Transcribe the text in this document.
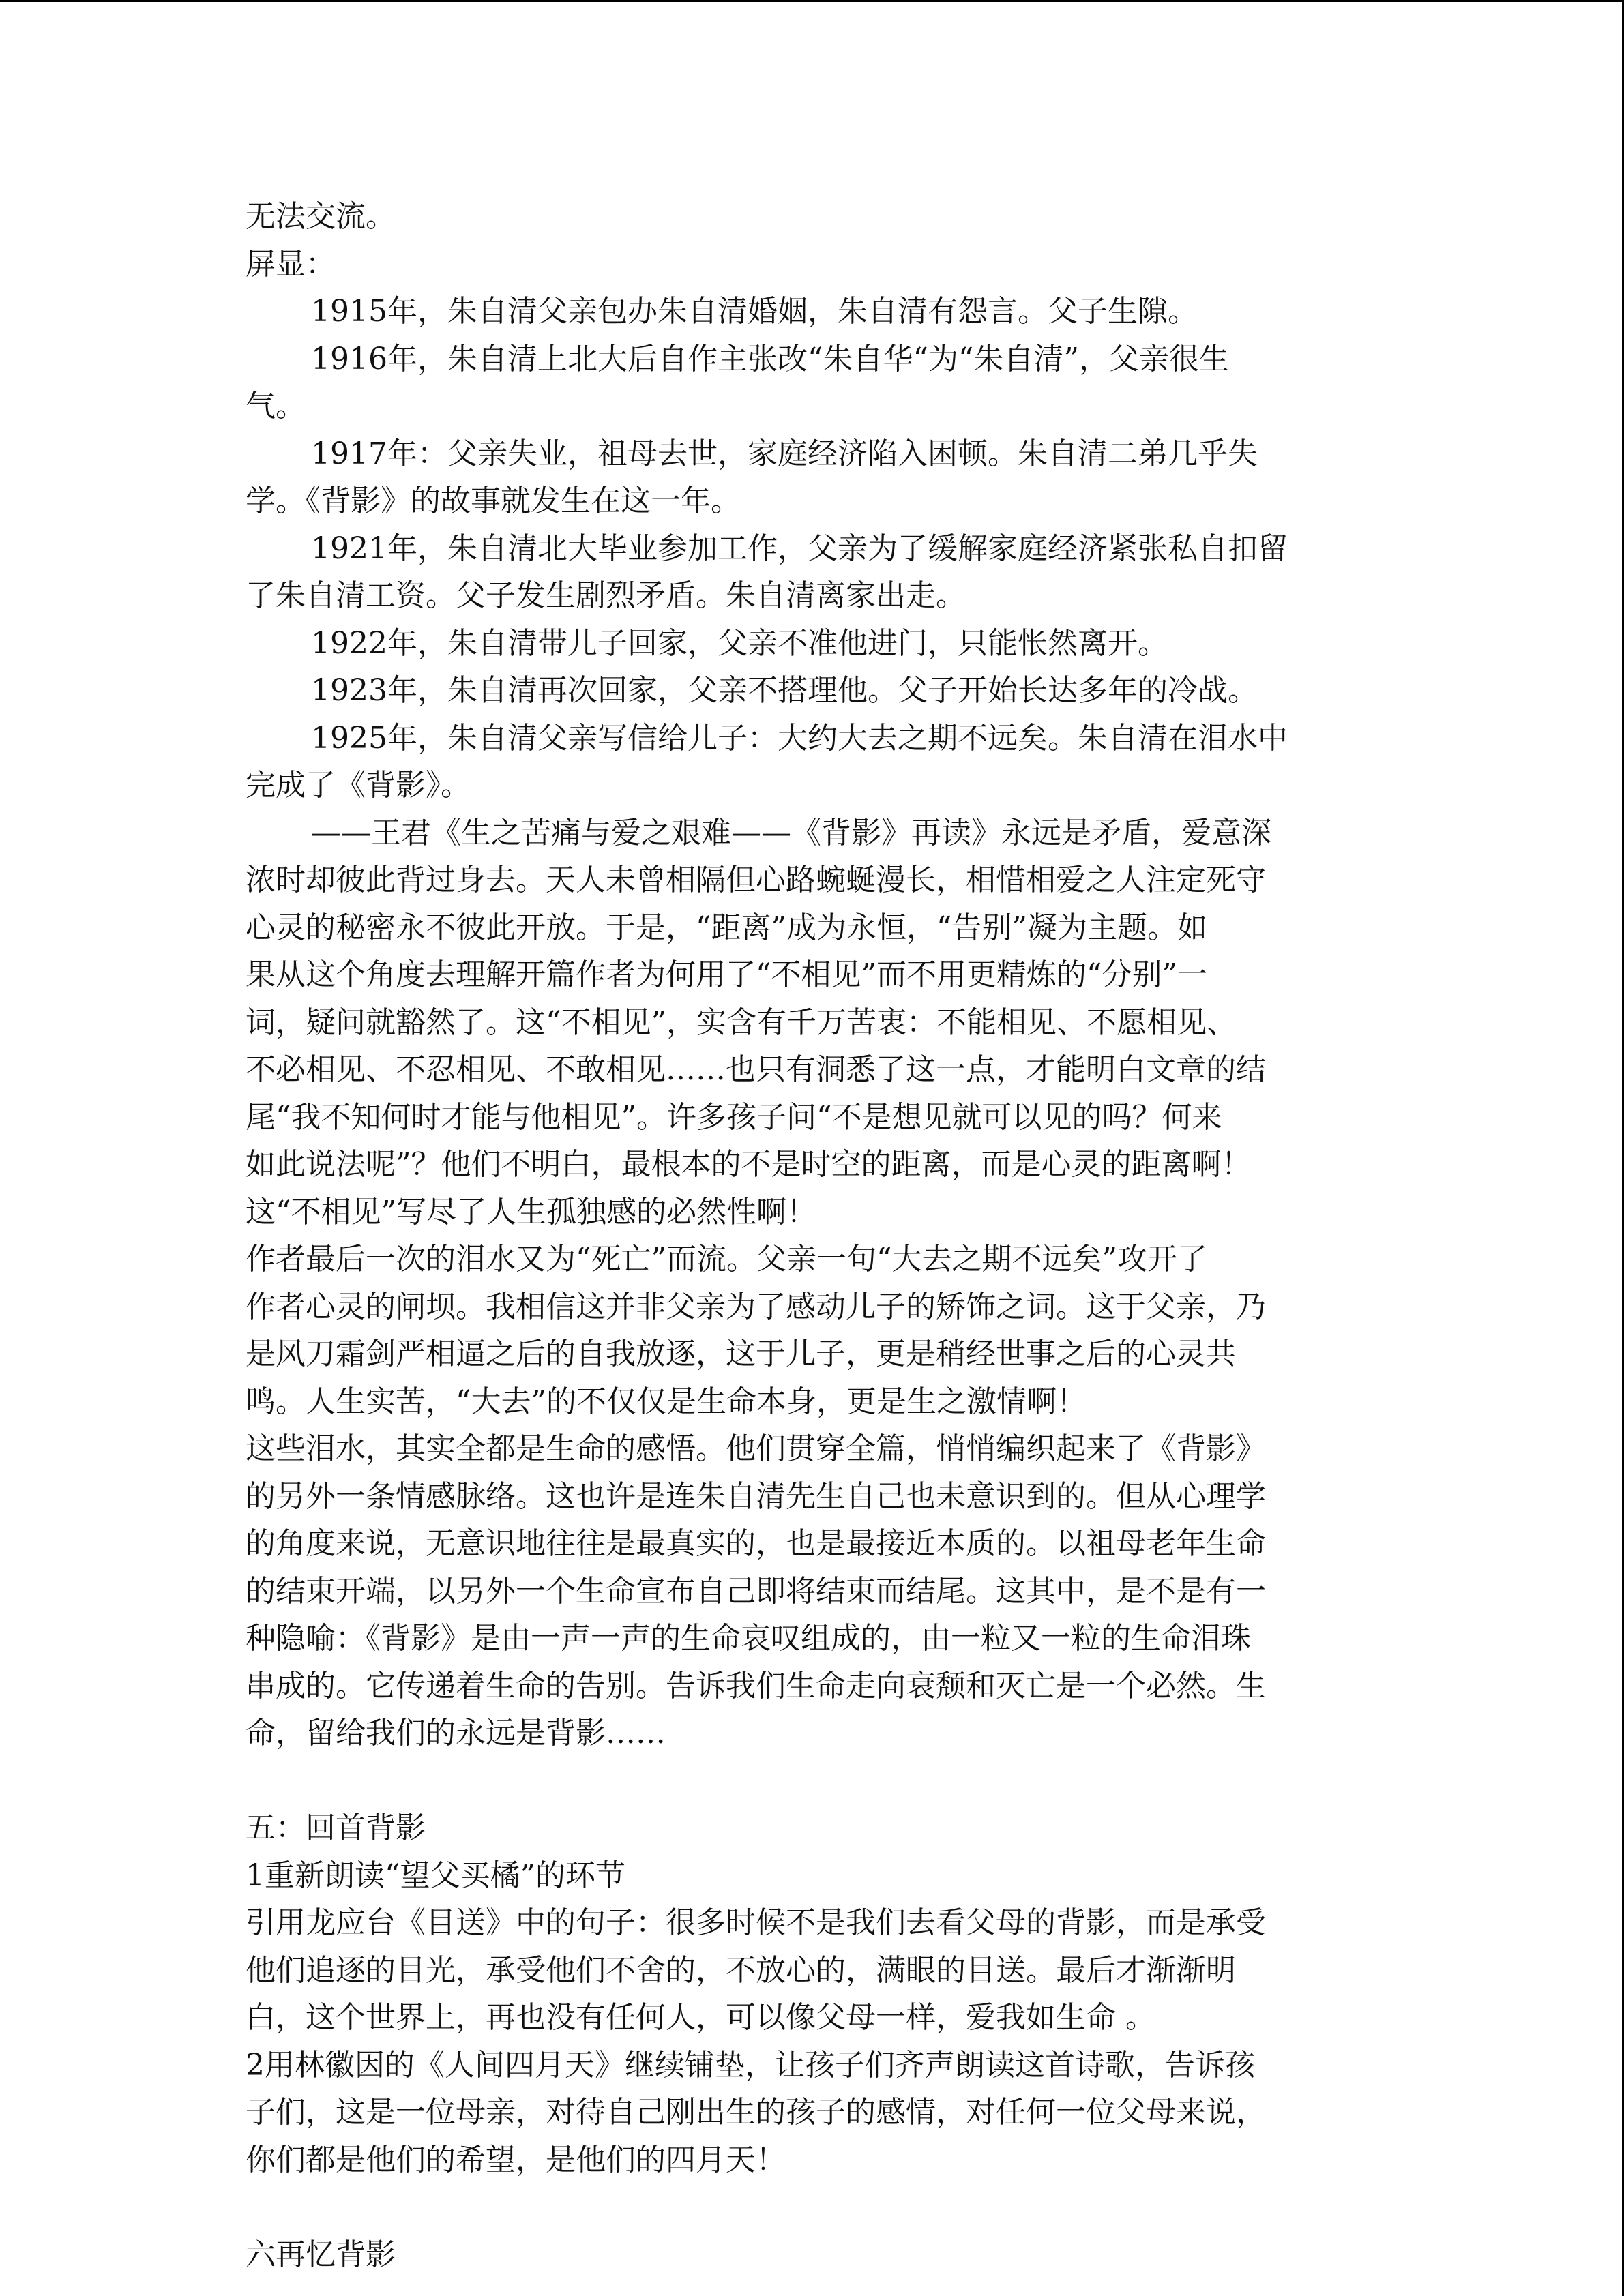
无法交流。
屏显：
1915年，朱自清父亲包办朱自清婚姻，朱自清有怨言。父子生隙。
1916年，朱自清上北大后自作主张改“朱自华“为“朱自清”，父亲很生
气。
1917年：父亲失业，祖母去世，家庭经济陷入困顿。朱自清二弟几乎失
学。《背影》的故事就发生在这一年。
1921年，朱自清北大毕业参加工作，父亲为了缓解家庭经济紧张私自扣留
了朱自清工资。父子发生剧烈矛盾。朱自清离家出走。
1922年，朱自清带儿子回家，父亲不准他进门，只能怅然离开。
1923年，朱自清再次回家，父亲不搭理他。父子开始长达多年的冷战。
1925年，朱自清父亲写信给儿子：大约大去之期不远矣。朱自清在泪水中
完成了《背影》。
——王君《生之苦痛与爱之艰难——《背影》再读》永远是矛盾，爱意深
浓时却彼此背过身去。天人未曾相隔但心路蜿蜒漫长，相惜相爱之人注定死守
心灵的秘密永不彼此开放。于是，“距离”成为永恒，“告别”凝为主题。如
果从这个角度去理解开篇作者为何用了“不相见”而不用更精炼的“分别”一
词，疑问就豁然了。这“不相见”，实含有千万苦衷：不能相见、不愿相见、
不必相见、不忍相见、不敢相见……也只有洞悉了这一点，才能明白文章的结
尾“我不知何时才能与他相见”。许多孩子问“不是想见就可以见的吗？何来
如此说法呢”？他们不明白，最根本的不是时空的距离，而是心灵的距离啊！
这“不相见”写尽了人生孤独感的必然性啊！
作者最后一次的泪水又为“死亡”而流。父亲一句“大去之期不远矣”攻开了
作者心灵的闸坝。我相信这并非父亲为了感动儿子的矫饰之词。这于父亲，乃
是风刀霜剑严相逼之后的自我放逐，这于儿子，更是稍经世事之后的心灵共
鸣。人生实苦，“大去”的不仅仅是生命本身，更是生之激情啊！
这些泪水，其实全都是生命的感悟。他们贯穿全篇，悄悄编织起来了《背影》
的另外一条情感脉络。这也许是连朱自清先生自己也未意识到的。但从心理学
的角度来说，无意识地往往是最真实的，也是最接近本质的。以祖母老年生命
的结束开端，以另外一个生命宣布自己即将结束而结尾。这其中，是不是有一
种隐喻：《背影》是由一声一声的生命哀叹组成的，由一粒又一粒的生命泪珠
串成的。它传递着生命的告别。告诉我们生命走向衰颓和灭亡是一个必然。生
命，留给我们的永远是背影……
五：回首背影
1重新朗读“望父买橘”的环节
引用龙应台《目送》中的句子：很多时候不是我们去看父母的背影，而是承受
他们追逐的目光，承受他们不舍的，不放心的，满眼的目送。最后才渐渐明
白，这个世界上，再也没有任何人，可以像父母一样，爱我如生命 。
2用林徽因的《人间四月天》继续铺垫，让孩子们齐声朗读这首诗歌，告诉孩
子们，这是一位母亲，对待自己刚出生的孩子的感情，对任何一位父母来说，
你们都是他们的希望，是他们的四月天！
六再忆背影
